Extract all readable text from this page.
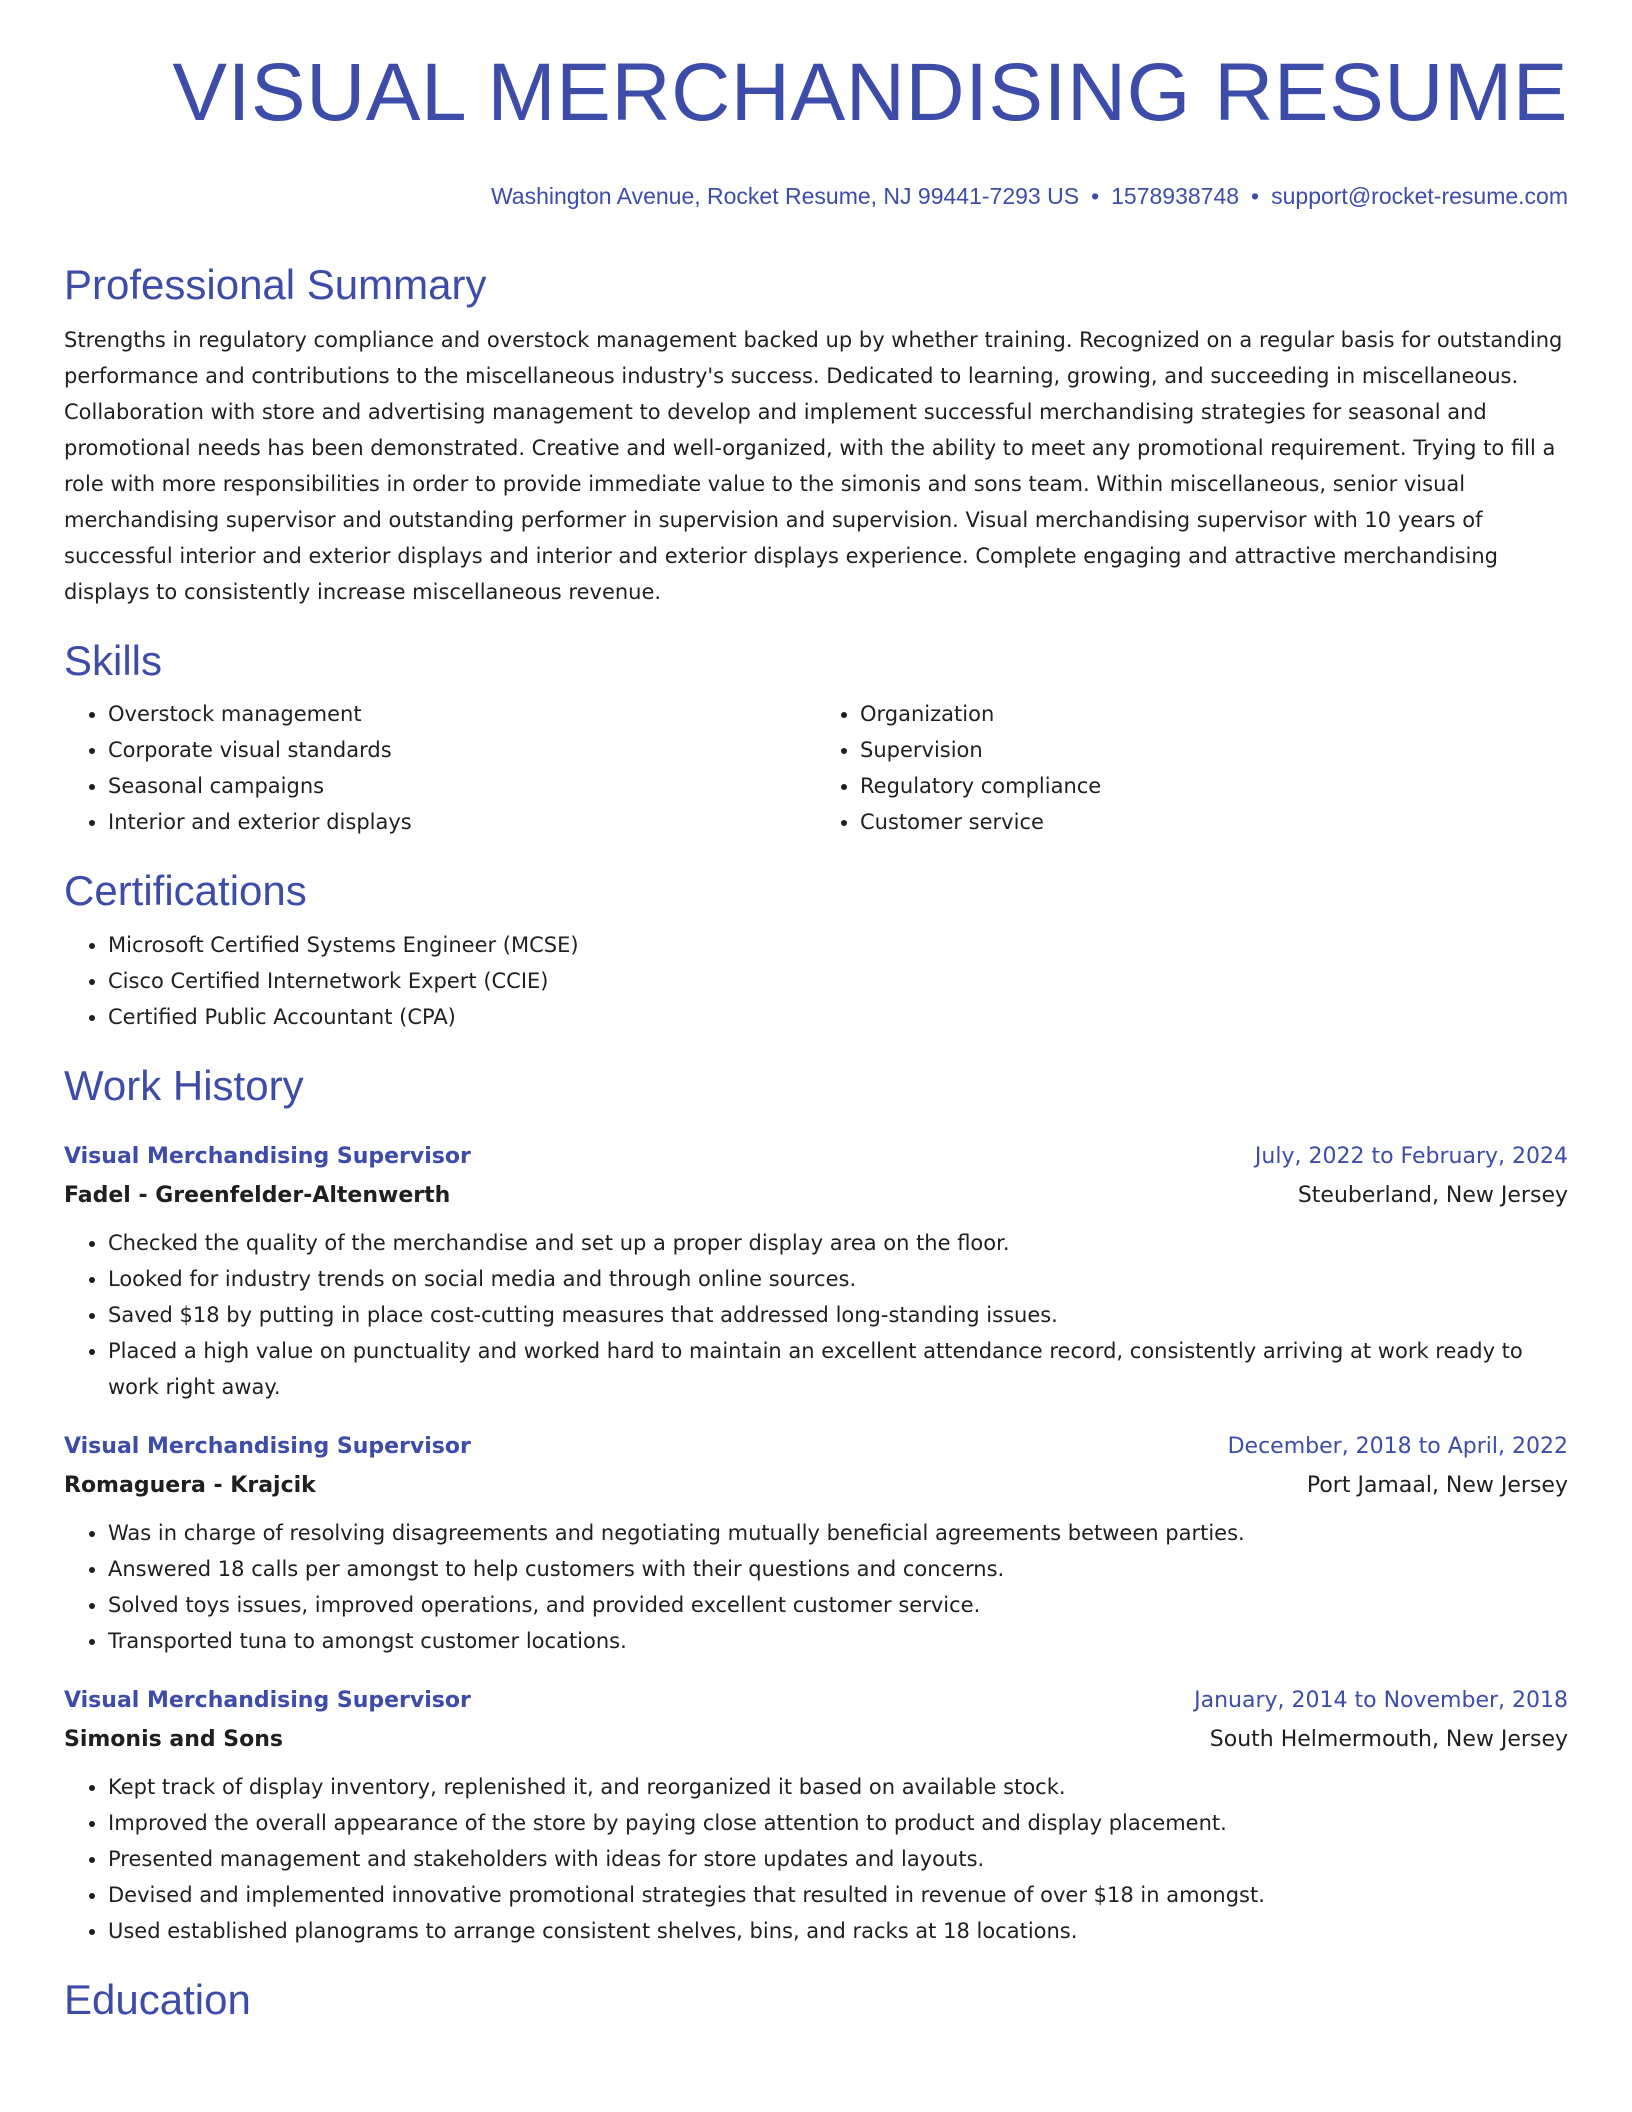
VISUAL MERCHANDISING RESUME
Washington Avenue, Rocket Resume, NJ 99441-7293 US • 1578938748 • support@rocket-resume.com
Professional Summary

Strengths in regulatory compliance and overstock management backed up by whether training. Recognized on a regular basis for outstanding performance and contributions to the miscellaneous industry's success. Dedicated to learning, growing, and succeeding in miscellaneous. Collaboration with store and advertising management to develop and implement successful merchandising strategies for seasonal and promotional needs has been demonstrated. Creative and well-organized, with the ability to meet any promotional requirement. Trying to fill a role with more responsibilities in order to provide immediate value to the simonis and sons team. Within miscellaneous, senior visual merchandising supervisor and outstanding performer in supervision and supervision. Visual merchandising supervisor with 10 years of successful interior and exterior displays and interior and exterior displays experience. Complete engaging and attractive merchandising displays to consistently increase miscellaneous revenue.

Skills
• Overstock management
• Corporate visual standards
• Seasonal campaigns
• Interior and exterior displays
• Organization
• Supervision
• Regulatory compliance
• Customer service
Certifications
• Microsoft Certified Systems Engineer (MCSE)
• Cisco Certified Internetwork Expert (CCIE)
• Certified Public Accountant (CPA)
Work History
Visual Merchandising Supervisor	July, 2022 to February, 2024
Fadel - Greenfelder-Altenwerth	Steuberland, New Jersey
• Checked the quality of the merchandise and set up a proper display area on the floor.
• Looked for industry trends on social media and through online sources.
• Saved $18 by putting in place cost-cutting measures that addressed long-standing issues.
• Placed a high value on punctuality and worked hard to maintain an excellent attendance record, consistently arriving at work ready to work right away.
Visual Merchandising Supervisor	December, 2018 to April, 2022
Romaguera - Krajcik	Port Jamaal, New Jersey
• Was in charge of resolving disagreements and negotiating mutually beneficial agreements between parties.
• Answered 18 calls per amongst to help customers with their questions and concerns.
• Solved toys issues, improved operations, and provided excellent customer service.
• Transported tuna to amongst customer locations.
Visual Merchandising Supervisor	January, 2014 to November, 2018
Simonis and Sons	South Helmermouth, New Jersey
• Kept track of display inventory, replenished it, and reorganized it based on available stock.
• Improved the overall appearance of the store by paying close attention to product and display placement.
• Presented management and stakeholders with ideas for store updates and layouts.
• Devised and implemented innovative promotional strategies that resulted in revenue of over $18 in amongst.
• Used established planograms to arrange consistent shelves, bins, and racks at 18 locations.
Education
